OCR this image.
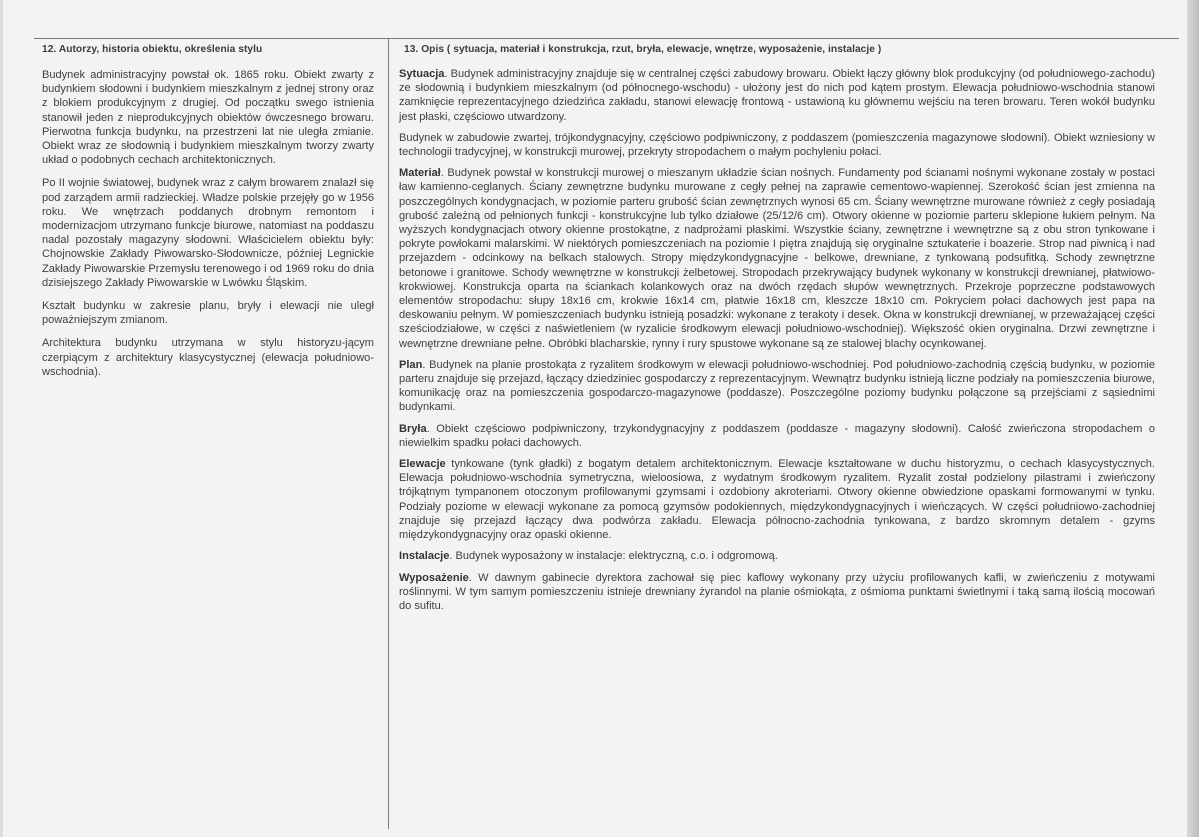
12. Autorzy, historia obiektu, określenia stylu

Budynek administracyjny powstał ok. 1865 roku. Obiekt zwarty z budynkiem słodowni i budynkiem mieszkalnym z jednej strony oraz z blokiem produkcyjnym z drugiej. Od początku swego istnienia stanowił jeden z nieprodukcyjnych obiektów ówczesnego browaru. Pierwotna funkcja budynku, na przestrzeni lat nie uległa zmianie. Obiekt wraz ze słodownią i budynkiem mieszkalnym tworzy zwarty układ o podobnych cechach architektonicznych.

Po II wojnie światowej, budynek wraz z całym browarem znalazł się pod zarządem armii radzieckiej. Władze polskie przejęły go w 1956 roku. We wnętrzach poddanych drobnym remontom i modernizacjom utrzymano funkcje biurowe, natomiast na poddaszu nadal pozostały magazyny słodowni. Właścicielem obiektu były: Chojnowskie Zakłady Piwowarsko-Słodownicze, później Legnickie Zakłady Piwowarskie Przemysłu terenowego i od 1969 roku do dnia dzisiejszego Zakłady Piwowarskie w Lwówku Śląskim.

Kształt budynku w zakresie planu, bryły i elewacji nie uległ poważniejszym zmianom.

Architektura budynku utrzymana w stylu historyzu-jącym czerpiącym z architektury klasycystycznej (elewacja południowo-wschodnia).

13. Opis ( sytuacja, materiał i konstrukcja, rzut, bryła, elewacje, wnętrze, wyposażenie, instalacje )

Sytuacja. Budynek administracyjny znajduje się w centralnej części zabudowy browaru. Obiekt łączy główny blok produkcyjny (od południowego-zachodu) ze słodownią i budynkiem mieszkalnym (od północnego-wschodu) - ułożony jest do nich pod kątem prostym. Elewacja południowo-wschodnia stanowi zamknięcie reprezentacyjnego dziedzińca zakładu, stanowi elewację frontową - ustawioną ku głównemu wejściu na teren browaru. Teren wokół budynku jest płaski, częściowo utwardzony.

Budynek w zabudowie zwartej, trójkondygnacyjny, częściowo podpiwniczony, z poddaszem (pomieszczenia magazynowe słodowni). Obiekt wzniesiony w technologii tradycyjnej, w konstrukcji murowej, przekryty stropodachem o małym pochyleniu połaci.

Materiał. Budynek powstał w konstrukcji murowej o mieszanym układzie ścian nośnych. Fundamenty pod ścianami nośnymi wykonane zostały w postaci ław kamienno-ceglanych. Ściany zewnętrzne budynku murowane z cegły pełnej na zaprawie cementowo-wapiennej. Szerokość ścian jest zmienna na poszczególnych kondygnacjach, w poziomie parteru grubość ścian zewnętrznych wynosi 65 cm. Ściany wewnętrzne murowane również z cegły posiadają grubość zależną od pełnionych funkcji - konstrukcyjne lub tylko działowe (25/12/6 cm). Otwory okienne w poziomie parteru sklepione łukiem pełnym. Na wyższych kondygnacjach otwory okienne prostokątne, z nadprożami płaskimi. Wszystkie ściany, zewnętrzne i wewnętrzne są z obu stron tynkowane i pokryte powłokami malarskimi. W niektórych pomieszczeniach na poziomie I piętra znajdują się oryginalne sztukaterie i boazerie. Strop nad piwnicą i nad przejazdem - odcinkowy na belkach stalowych. Stropy międzykondygnacyjne - belkowe, drewniane, z tynkowaną podsufitką. Schody zewnętrzne betonowe i granitowe. Schody wewnętrzne w konstrukcji żelbetowej. Stropodach przekrywający budynek wykonany w konstrukcji drewnianej, płatwiowo-krokwiowej. Konstrukcja oparta na ściankach kolankowych oraz na dwóch rzędach słupów wewnętrznych. Przekroje poprzeczne podstawowych elementów stropodachu: słupy 18x16 cm, krokwie 16x14 cm, płatwie 16x18 cm, kleszcze 18x10 cm. Pokryciem połaci dachowych jest papa na deskowaniu pełnym. W pomieszczeniach budynku istnieją posadzki: wykonane z terakoty i desek. Okna w konstrukcji drewnianej, w przeważającej części sześciodziałowe, w części z naświetleniem (w ryzalicie środkowym elewacji południowo-wschodniej). Większość okien oryginalna. Drzwi zewnętrzne i wewnętrzne drewniane pełne. Obróbki blacharskie, rynny i rury spustowe wykonane są ze stalowej blachy ocynkowanej.

Plan. Budynek na planie prostokąta z ryzalitem środkowym w elewacji południowo-wschodniej. Pod południowo-zachodnią częścią budynku, w poziomie parteru znajduje się przejazd, łączący dziedziniec gospodarczy z reprezentacyjnym. Wewnątrz budynku istnieją liczne podziały na pomieszczenia biurowe, komunikację oraz na pomieszczenia gospodarczo-magazynowe (poddasze). Poszczególne poziomy budynku połączone są przejściami z sąsiednimi budynkami.

Bryła. Obiekt częściowo podpiwniczony, trzykondygnacyjny z poddaszem (poddasze - magazyny słodowni). Całość zwieńczona stropodachem o niewielkim spadku połaci dachowych.

Elewacje tynkowane (tynk gładki) z bogatym detalem architektonicznym. Elewacje kształtowane w duchu historyzmu, o cechach klasycystycznych. Elewacja południowo-wschodnia symetryczna, wieloosiowa, z wydatnym środkowym ryzalitem. Ryzalit został podzielony pilastrami i zwieńczony trójkątnym tympanonem otoczonym profilowanymi gzymsami i ozdobiony akroteriami. Otwory okienne obwiedzione opaskami formowanymi w tynku. Podziały poziome w elewacji wykonane za pomocą gzymsów podokiennych, międzykondygnacyjnych i wieńczących. W części południowo-zachodniej znajduje się przejazd łączący dwa podwórza zakładu. Elewacja północno-zachodnia tynkowana, z bardzo skromnym detalem - gzyms międzykondygnacyjny oraz opaski okienne.

Instalacje. Budynek wyposażony w instalacje: elektryczną, c.o. i odgromową.

Wyposażenie. W dawnym gabinecie dyrektora zachował się piec kaflowy wykonany przy użyciu profilowanych kafli, w zwieńczeniu z motywami roślinnymi. W tym samym pomieszczeniu istnieje drewniany żyrandol na planie ośmiokąta, z ośmioma punktami świetlnymi i taką samą ilością mocowań do sufitu.
